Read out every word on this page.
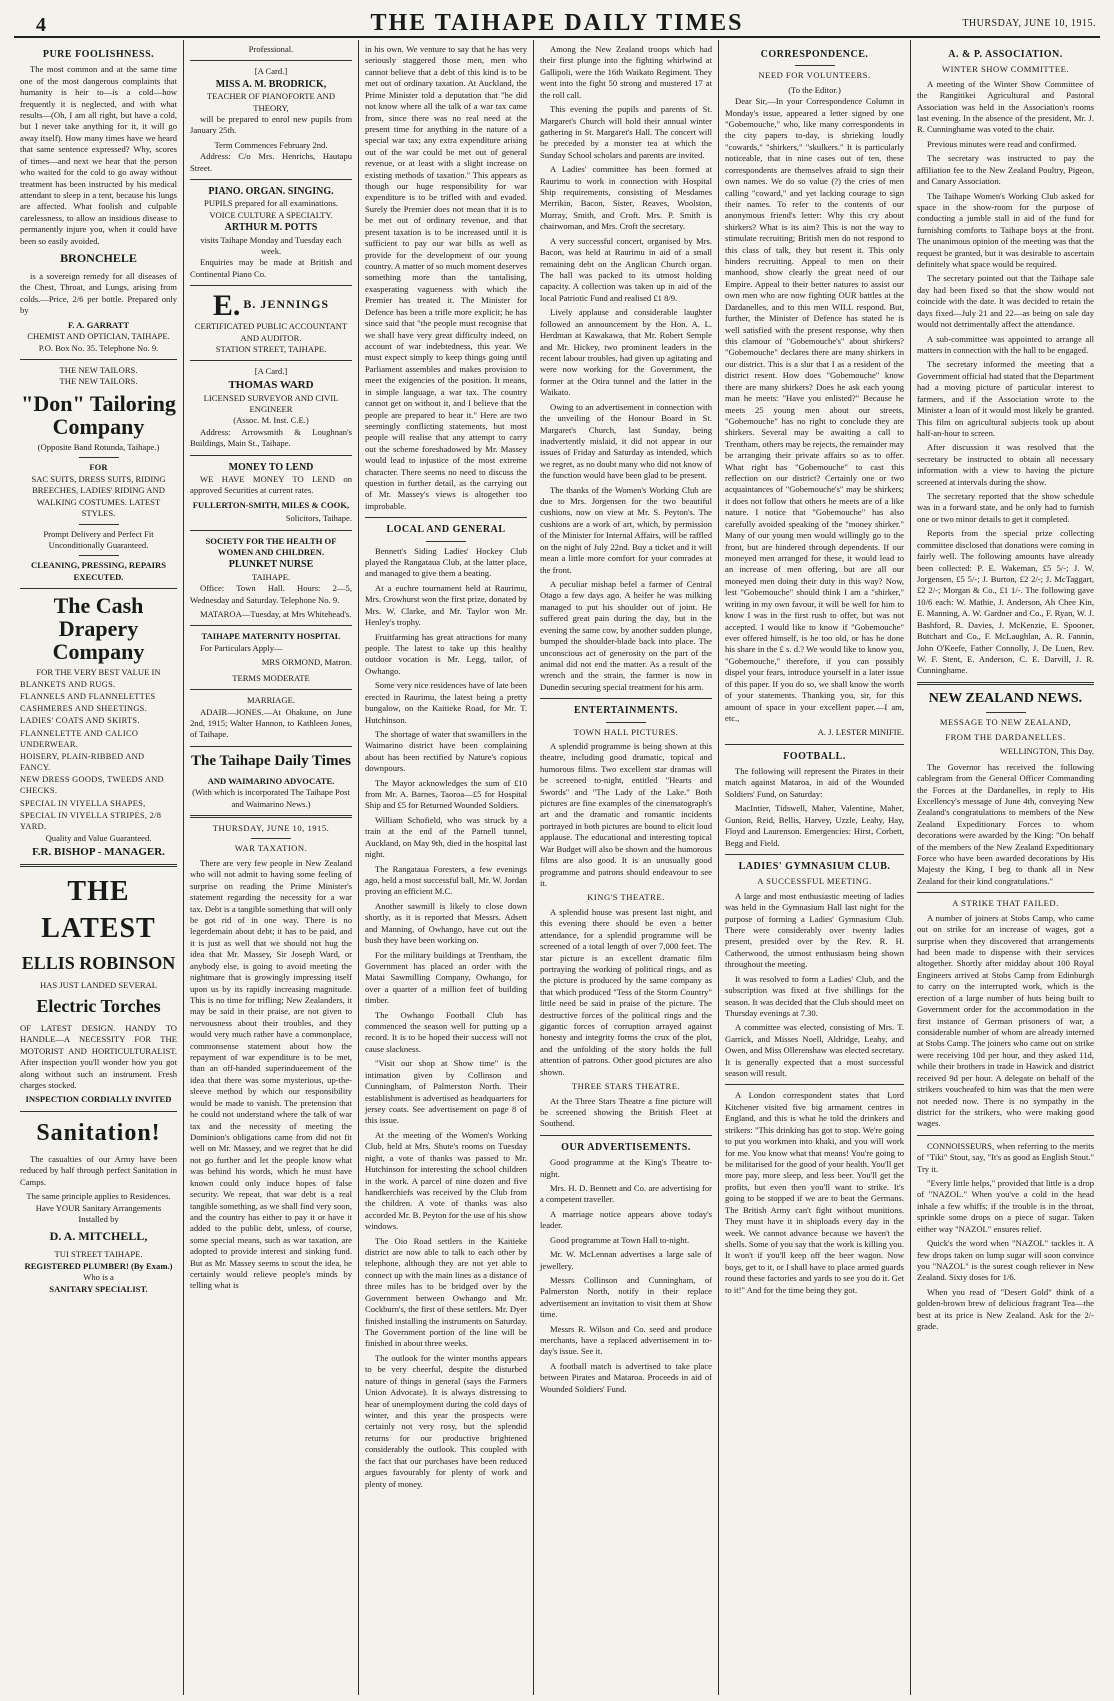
4	THE TAIHAPE DAILY TIMES	THURSDAY, JUNE 10, 1915.
PURE FOOLISHNESS.

The most common and at the same time one of the most dangerous complaints that humanity is heir to—is a cold—how frequently it is neglected, and with what results—(Oh, I am all right, but have a cold, but I never take anything for it, it will go away itself). How many times have we heard that same sentence expressed? Why, scores of times—and next we hear that the person who waited for the cold to go away without treatment has been instructed by his medical attendant to sleep in a tent, because his lungs are affected. What foolish and culpable carelessness, to allow an insidious disease to permanently injure you, when it could have been so easily avoided.

BRONCHELE

is a sovereign remedy for all diseases of the Chest, Throat, and Lungs, arising from colds.—Price, 2/6 per bottle. Prepared only by

F. A. GARRATT
CHEMIST AND OPTICIAN, TAIHAPE.
P.O. Box No. 35. Telephone No. 9.
THE NEW TAILORS.
THE NEW TAILORS.
"Don" Tailoring Company
(Opposite Band Rotunda, Taihape.)
FOR
SAC SUITS, DRESS SUITS, RIDING BREECHES, LADIES' RIDING AND WALKING COSTUMES. LATEST STYLES.
Prompt Delivery and Perfect Fit Unconditionally Guaranteed.
CLEANING, PRESSING, REPAIRS EXECUTED.
The Cash Drapery Company
FOR THE VERY BEST VALUE IN

BLANKETS AND RUGS.

FLANNELS AND FLANNELETTES

CASHMERES AND SHEETINGS.

LADIES' COATS AND SKIRTS.

FLANNELETTE AND CALICO UNDERWEAR.

HOISERY, PLAIN-RIBBED AND FANCY.

NEW DRESS GOODS, TWEEDS AND CHECKS.

SPECIAL IN VIYELLA SHAPES,

SPECIAL IN VIYELLA STRIPES, 2/8 YARD.

Quality and Value Guaranteed.
F.R. BISHOP - MANAGER.
THE LATEST
ELLIS ROBINSON
HAS JUST LANDED SEVERAL
Electric Torches

OF LATEST DESIGN. HANDY TO HANDLE—A NECESSITY FOR THE MOTORIST AND HORTICULTURALIST. After inspection you'll wonder how you got along without such an instrument. Fresh charges stocked.

INSPECTION CORDIALLY INVITED
Sanitation!

The casualties of our Army have been reduced by half through perfect Sanitation in Camps.

The same principle applies to Residences.
Have YOUR Sanitary Arrangements Installed by
D. A. MITCHELL,
TUI STREET TAIHAPE.
REGISTERED PLUMBER! (By Exam.)
Who is a
SANITARY SPECIALIST.
Professional.
[A Card.]
MISS A. M. BRODRICK,
TEACHER OF PIANOFORTE AND THEORY,

will be prepared to enrol new pupils from January 25th.

Term Commences February 2nd.

Address: C/o Mrs. Henrichs, Hautapu Street.

PIANO. ORGAN. SINGING.
PUPILS prepared for all examinations.
VOICE CULTURE A SPECIALTY.
ARTHUR M. POTTS
visits Taihape Monday and Tuesday each week.

Enquiries may be made at British and Continental Piano Co.

E. B. JENNINGS
CERTIFICATED PUBLIC ACCOUNTANT AND AUDITOR.
STATION STREET, TAIHAPE.
[A Card.]
THOMAS WARD
LICENSED SURVEYOR AND CIVIL ENGINEER
(Assoc. M. Inst. C.E.)

Address: Arrowsmith & Loughnan's Buildings, Main St., Taihape.

MONEY TO LEND

WE HAVE MONEY TO LEND on approved Securities at current rates.

FULLERTON-SMITH, MILES & COOK,
Solicitors, Taihape.
SOCIETY FOR THE HEALTH OF WOMEN AND CHILDREN.
PLUNKET NURSE
TAIHAPE.

Office: Town Hall. Hours: 2—5, Wednesday and Saturday. Telephone No. 9.

MATAROA—Tuesday, at Mrs Whitehead's.

TAIHAPE MATERNITY HOSPITAL

For Particulars Apply—

MRS ORMOND, Matron.
TERMS MODERATE
MARRIAGE.

ADAIR—JONES.—At Ohakune, on June 2nd, 1915; Walter Hannon, to Kathleen Jones, of Taihape.

The Taihape Daily Times
AND WAIMARINO ADVOCATE.
(With which is incorporated The Taihape Post and Waimarino News.)
THURSDAY, JUNE 10, 1915.
WAR TAXATION.

There are very few people in New Zealand who will not admit to having some feeling of surprise on reading the Prime Minister's statement regarding the necessity for a war tax. Debt is a tangible something that will only be got rid of in one way. There is no legerdemain about debt; it has to be paid, and it is just as well that we should not hug the idea that Mr. Massey, Sir Joseph Ward, or anybody else, is going to avoid meeting the nightmare that is growingly impressing itself upon us by its rapidly increasing magnitude. This is no time for trifling; New Zealanders, it may be said in their praise, are not given to nervousness about their troubles, and they would very much rather have a commonplace, commonsense statement about how the repayment of war expenditure is to be met, than an off-handed superindueement of the idea that there was some mysterious, up-the-sleeve method by which our responsibility would be made to vanish. The pretension that he could not understand where the talk of war tax and the necessity of meeting the Dominion's obligations came from did not fit well on Mr. Massey, and we regret that he did not go further and let the people know what was behind his words, which he must have known could only induce hopes of false security. We repeat, that war debt is a real tangible something, as we shall find very soon, and the country has either to pay it or have it added to the public debt, unless, of course, some special means, such as war taxation, are adopted to provide interest and sinking fund. But as Mr. Massey seems to scout the idea, he certainly would relieve people's minds by telling what is

in his own. We venture to say that he has very seriously staggered those men, men who cannot believe that a debt of this kind is to be met out of ordinary taxation. At Auckland, the Prime Minister told a deputation that "he did not know where all the talk of a war tax came from, since there was no real need at the present time for anything in the nature of a special war tax; any extra expenditure arising out of the war could be met out of general revenue, or at least with a slight increase on existing methods of taxation." This appears as though our huge responsibility for war expenditure is to be trifled with and evaded. Surely the Premier does not mean that it is to be met out of ordinary revenue, and that present taxation is to be increased until it is sufficient to pay our war bills as well as provide for the development of our young country. A matter of so much moment deserves something more than the tantalising, exasperating vagueness with which the Premier has treated it. The Minister for Defence has been a trifle more explicit; he has since said that "the people must recognise that we shall have very great difficulty indeed, on account of war indebtedness, this year. We must expect simply to keep things going until Parliament assembles and makes provision to meet the exigencies of the position. It means, in simple language, a war tax. The country cannot get on without it, and I believe that the people are prepared to bear it." Here are two seemingly conflicting statements, but most people will realise that any attempt to carry out the scheme foreshadowed by Mr. Massey would lead to injustice of the most extreme character. There seems no need to discuss the question in further detail, as the carrying out of Mr. Massey's views is altogether too improbable.

LOCAL AND GENERAL

Bennett's Siding Ladies' Hockey Club played the Rangataua Club, at the latter place, and managed to give them a beating.

At a euchre tournament held at Raurimu, Mrs. Crowhurst won the first prize, donated by Mrs. W. Clarke, and Mr. Taylor won Mr. Henley's trophy.

Fruitfarming has great attractions for many people. The latest to take up this healthy outdoor vocation is Mr. Legg, tailor, of Owhango.

Some very nice residences have of late been erected in Raurimu, the latest being a pretty bungalow, on the Kaitieke Road, for Mr. T. Hutchinson.

The shortage of water that swamillers in the Waimarino district have been complaining about has been rectified by Nature's copious downpours.

The Mayor acknowledges the sum of £10 from Mr. A. Barnes, Taoroa—£5 for Hospital Ship and £5 for Returned Wounded Soldiers.

William Schofield, who was struck by a train at the end of the Parnell tunnel, Auckland, on May 9th, died in the hospital last night.

The Rangataua Foresters, a few evenings ago, held a most successful ball, Mr. W. Jordan proving an efficient M.C.

Another sawmill is likely to close down shortly, as it is reported that Messrs. Adsett and Manning, of Owhango, have cut out the bush they have been working on.

For the military buildings at Trentham, the Government has placed an order with the Matai Sawmilling Company, Owhango, for over a quarter of a million feet of building timber.

The Owhango Football Club has commenced the season well for putting up a record. It is to be hoped their success will not cause slackness.

"Visit our shop at Show time" is the intimation given by Collinson and Cunningham, of Palmerston North. Their establishment is advertised as headquarters for jersey coats. See advertisement on page 8 of this issue.

At the meeting of the Women's Working Club, held at Mrs. Shute's rooms on Tuesday night, a vote of thanks was passed to Mr. Hutchinson for interesting the school children in the work. A parcel of nine dozen and five handkerchiefs was received by the Club from the children. A vote of thanks was also accorded Mr. B. Peyton for the use of his show windows.

The Oio Road settlers in the Kaitieke district are now able to talk to each other by telephone, although they are not yet able to connect up with the main lines as a distance of three miles has to be bridged over by the Government between Owhango and Mr. Cockburn's, the first of these settlers. Mr. Dyer finished installing the instruments on Saturday. The Government portion of the line will be finished in about three weeks.

The outlook for the winter months appears to be very cheerful, despite the disturbed nature of things in general (says the Farmers Union Advocate). It is always distressing to hear of unemployment during the cold days of winter, and this year the prospects were certainly not very rosy, but the splendid returns for our productive brightened considerably the outlook. This coupled with the fact that our purchases have been reduced argues favourably for plenty of work and plenty of money.

Among the New Zealand troops which had their first plunge into the fighting whirlwind at Gallipoli, were the 16th Waikato Regiment. They went into the fight 50 strong and mustered 17 at the roll call.

This evening the pupils and parents of St. Margaret's Church will hold their annual winter gathering in St. Margaret's Hall. The concert will be preceded by a monster tea at which the Sunday School scholars and parents are invited.

A Ladies' committee has been formed at Raurimu to work in connection with Hospital Ship requirements, consisting of Mesdames Merrikin, Bacon, Sister, Reaves, Woolston, Murray, Smith, and Croft. Mrs. P. Smith is chairwoman, and Mrs. Croft the secretary.

A very successful concert, organised by Mrs. Bacon, was held at Raurimu in aid of a small remaining debt on the Anglican Church organ. The hall was packed to its utmost holding capacity. A collection was taken up in aid of the local Patriotic Fund and realised £1 8/9.

Lively applause and considerable laughter followed an announcement by the Hon. A. L. Herdman at Kawakawa, that Mr. Robert Semple and Mr. Hickey, two prominent leaders in the recent labour troubles, had given up agitating and were now working for the Government, the former at the Otira tunnel and the latter in the Waikato.

Owing to an advertisement in connection with the unveiling of the Honour Board in St. Margaret's Church, last Sunday, being inadvertently mislaid, it did not appear in our issues of Friday and Saturday as intended, which we regret, as no doubt many who did not know of the function would have been glad to be present.

The thanks of the Women's Working Club are due to Mrs. Jorgensen for the two beautiful cushions, now on view at Mr. S. Peyton's. The cushions are a work of art, which, by permission of the Minister for Internal Affairs, will be raffled on the night of July 22nd. Buy a ticket and it will mean a little more comfort for your comrades at the front.

A peculiar mishap befel a farmer of Central Otago a few days ago. A heifer he was milking managed to put his shoulder out of joint. He suffered great pain during the day, but in the evening the same cow, by another sudden plunge, bumped the shoulder-blade back into place. The unconscious act of generosity on the part of the animal did not end the matter. As a result of the wrench and the strain, the farmer is now in Dunedin securing special treatment for his arm.

ENTERTAINMENTS.
TOWN HALL PICTURES.

A splendid programme is being shown at this theatre, including good dramatic, topical and humorous films. Two excellent star dramas will be screened to-night, entitled "Hearts and Swords" and "The Lady of the Lake." Both pictures are fine examples of the cinematograph's art and the dramatic and romantic incidents portrayed in both pictures are bound to elicit loud applause. The educational and interesting topical War Budget will also be shown and the humorous films are also good. It is an unusually good programme and patrons should endeavour to see it.

KING'S THEATRE.

A splendid house was present last night, and this evening there should be even a better attendance, for a splendid programme will be screened of a total length of over 7,000 feet. The star picture is an excellent dramatic film portraying the working of political rings, and as the picture is produced by the same company as that which produced "Tess of the Storm Country" little need be said in praise of the picture. The destructive forces of the political rings and the gigantic forces of corruption arrayed against honesty and integrity forms the crux of the plot, and the unfolding of the story holds the full attention of patrons. Other good pictures are also shown.

THREE STARS THEATRE.

At the Three Stars Theatre a fine picture will be screened showing the British Fleet at Southend.

OUR ADVERTISEMENTS.

Good programme at the King's Theatre to-night.

Mrs. H. D. Bennett and Co. are advertising for a competent traveller.

A marriage notice appears above today's leader.

Good programme at Town Hall to-night.

Mr. W. McLennan advertises a large sale of jewellery.

Messrs Collinson and Cunningham, of Palmerston North, notify in their replace advertisement an invitation to visit them at Show time.

Messrs R. Wilson and Co. seed and produce merchants, have a replaced advertisement in to-day's issue. See it.

A football match is advertised to take place between Pirates and Mataroa. Proceeds in aid of Wounded Soldiers' Fund.

CORRESPONDENCE.
NEED FOR VOLUNTEERS.
(To the Editor.)

Dear Sir,—In your Correspondence Column in Monday's issue, appeared a letter signed by one "Gobemouche," who, like many correspondents in the city papers to-day, is shrieking loudly "cowards," "shirkers," "skulkers." It is particularly noticeable, that in nine cases out of ten, these correspondents are themselves afraid to sign their own names. We do so value (?) the cries of men calling "coward," and yet lacking courage to sign their names. To refer to the contents of our anonymous friend's letter: Why this cry about shirkers? What is its aim? This is not the way to stimulate recruiting; British men do not respond to this class of talk, they but resent it. This only hinders recruiting. Appeal to men on their manhood, show clearly the great need of our Empire. Appeal to their better natures to assist our own men who are now fighting OUR battles at the Dardanelles, and to this men WILL respond. But, further, the Minister of Defence has stated he is well satisfied with the present response, why then this clamour of "Gobemouche's" about shirkers? "Gobemouche" declares there are many shirkers in our district. This is a slur that I as a resident of the district resent. How does "Gobemouche" know there are many shirkers? Does he ask each young man he meets: "Have you enlisted?" Because he meets 25 young men about our streets, "Gobemouche" has no right to conclude they are shirkers. Several may be awaiting a call to Trentham, others may be rejects, the remainder may be arranging their private affairs so as to offer. What right has "Gobemouche" to cast this reflection on our district? Certainly one or two acquaintances of "Gobemouche's" may be shirkers; it does not follow that others he meets are of a like nature. I notice that "Gobemouche" has also carefully avoided speaking of the "money shirker." Many of our young men would willingly go to the front, but are hindered through dependents. If our moneyed men arranged for these, it would lead to an increase of men offering, but are all our moneyed men doing their duty in this way? Now, lest "Gobemouche" should think I am a "shirker," writing in my own favour, it will be well for him to know I was in the first rush to offer, but was not accepted. I would like to know if "Gobemouche" ever offered himself, is he too old, or has he done his share in the £ s. d.? We would like to know you, "Gobemouche," therefore, if you can possibly dispel your fears, introduce yourself in a later issue of this paper. If you do so, we shall know the worth of your statements. Thanking you, sir, for this amount of space in your excellent paper.—I am, etc.,

A. J. LESTER MINIFIE.
FOOTBALL.

The following will represent the Pirates in their match against Mataroa, in aid of the Wounded Soldiers' Fund, on Saturday:

MacIntier, Tidswell, Maher, Valentine, Maher, Gunion, Reid, Bellis, Harvey, Uzzle, Leahy, Hay, Floyd and Laurenson. Emergencies: Hirst, Corbett, Begg and Field.

LADIES' GYMNASIUM CLUB.
A SUCCESSFUL MEETING.

A large and most enthusiastic meeting of ladies was held in the Gymnasium Hall last night for the purpose of forming a Ladies' Gymnasium Club. There were considerably over twenty ladies present, presided over by the Rev. R. H. Catherwood, the utmost enthusiasm being shown throughout the meeting.

It was resolved to form a Ladies' Club, and the subscription was fixed at five shillings for the season. It was decided that the Club should meet on Thursday evenings at 7.30.

A committee was elected, consisting of Mrs. T. Garrick, and Misses Noell, Aldridge, Leahy, and Owen, and Miss Ollerenshaw was elected secretary. It is generally expected that a most successful season will result.

A London correspondent states that Lord Kitchener visited five big armament centres in England, and this is what he told the drinkers and strikers: "This drinking has got to stop. We're going to put you workmen into khaki, and you will work for me. You know what that means! You're going to be militarised for the good of your health. You'll get more pay, more sleep, and less beer. You'll get the profits, but even then you'll want to strike. It's going to be stopped if we are to beat the Germans. The British Army can't fight without munitions. They must have it in shiploads every day in the week. We cannot advance because we haven't the shells. Some of you say that the work is killing you. It won't if you'll keep off the beer wagon. Now boys, get to it, or I shall have to place armed guards round these factories and yards to see you do it. Get to it!" And for the time being they got.

A. & P. ASSOCIATION.
WINTER SHOW COMMITTEE.

A meeting of the Winter Show Committee of the Rangitikei Agricultural and Pastoral Association was held in the Association's rooms last evening. In the absence of the president, Mr. J. R. Cunninghame was voted to the chair.

Previous minutes were read and confirmed.

The secretary was instructed to pay the affiliation fee to the New Zealand Poultry, Pigeon, and Canary Association.

The Taihape Women's Working Club asked for space in the show-room for the purpose of conducting a jumble stall in aid of the fund for furnishing comforts to Taihape boys at the front. The unanimous opinion of the meeting was that the request be granted, but it was desirable to ascertain definitely what space would be required.

The secretary pointed out that the Taihape sale day had been fixed so that the show would not coincide with the date. It was decided to retain the days fixed—July 21 and 22—as being on sale day would not detrimentally affect the attendance.

A sub-committee was appointed to arrange all matters in connection with the hall to be engaged.

The secretary informed the meeting that a Government official had stated that the Department had a moving picture of particular interest to farmers, and if the Association wrote to the Minister a loan of it would most likely be granted. This film on agricultural subjects took up about half-an-hour to screen.

After discussion it was resolved that the secretary be instructed to obtain all necessary information with a view to having the picture screened at intervals during the show.

The secretary reported that the show schedule was in a forward state, and he only had to furnish one or two minor details to get it completed.

Reports from the special prize collecting committee disclosed that donations were coming in fairly well. The following amounts have already been collected: P. E. Wakeman, £5 5/-; J. W. Jorgensen, £5 5/-; J. Burton, £2 2/-; J. McTaggart, £2 2/-; Morgan & Co., £1 1/-. The following gave 10/6 each: W. Mathie, J. Anderson, Ah Chee Kin, E. Manning, A. W. Gardner and Co., F. Ryan, W. J. Bashford, R. Davies, J. McKenzie, E. Spooner, Butchart and Co., F. McLaughlan, A. R. Fannin, John O'Keefe, Father Connolly, J. De Luen, Rev. W. F. Stent, E. Anderson, C. E. Darvill, J. R. Cunninghame.

NEW ZEALAND NEWS.
MESSAGE TO NEW ZEALAND,
FROM THE DARDANELLES.
WELLINGTON, This Day.

The Governor has received the following cablegram from the General Officer Commanding the Forces at the Dardanelles, in reply to His Excellency's message of June 4th, conveying New Zealand's congratulations to members of the New Zealand Expeditionary Forces to whom decorations were awarded by the King: "On behalf of the members of the New Zealand Expeditionary Force who have been awarded decorations by His Majesty the King, I beg to thank all in New Zealand for their kind congratulations."

A STRIKE THAT FAILED.

A number of joiners at Stobs Camp, who came out on strike for an increase of wages, got a surprise when they discovered that arrangements had been made to dispense with their services altogether. Shortly after midday about 100 Royal Engineers arrived at Stobs Camp from Edinburgh to carry on the interrupted work, which is the erection of a large number of huts being built to Government order for the accommodation in the first instance of German prisoners of war, a considerable number of whom are already interned at Stobs Camp. The joiners who came out on strike were receiving 10d per hour, and they asked 11d, while their brothers in trade in Hawick and district received 9d per hour. A delegate on behalf of the strikers voucheafed to him was that the men were not needed now. There is no sympathy in the district for the strikers, who were making good wages.

CONNOISSEURS, when referring to the merits of "Tiki" Stout, say, "It's as good as English Stout." Try it.

"Every little helps," provided that little is a drop of "NAZOL." When you've a cold in the head inhale a few whiffs; if the trouble is in the throat, sprinkle some drops on a piece of sugar. Taken either way "NAZOL" ensures relief.

Quick's the word when "NAZOL" tackles it. A few drops taken on lump sugar will soon convince you "NAZOL" is the surest cough reliever in New Zealand. Sixty doses for 1/6.

When you read of "Desert Gold" think of a golden-brown brew of delicious fragrant Tea—the best at its price is New Zealand. Ask for the 2/- grade.
